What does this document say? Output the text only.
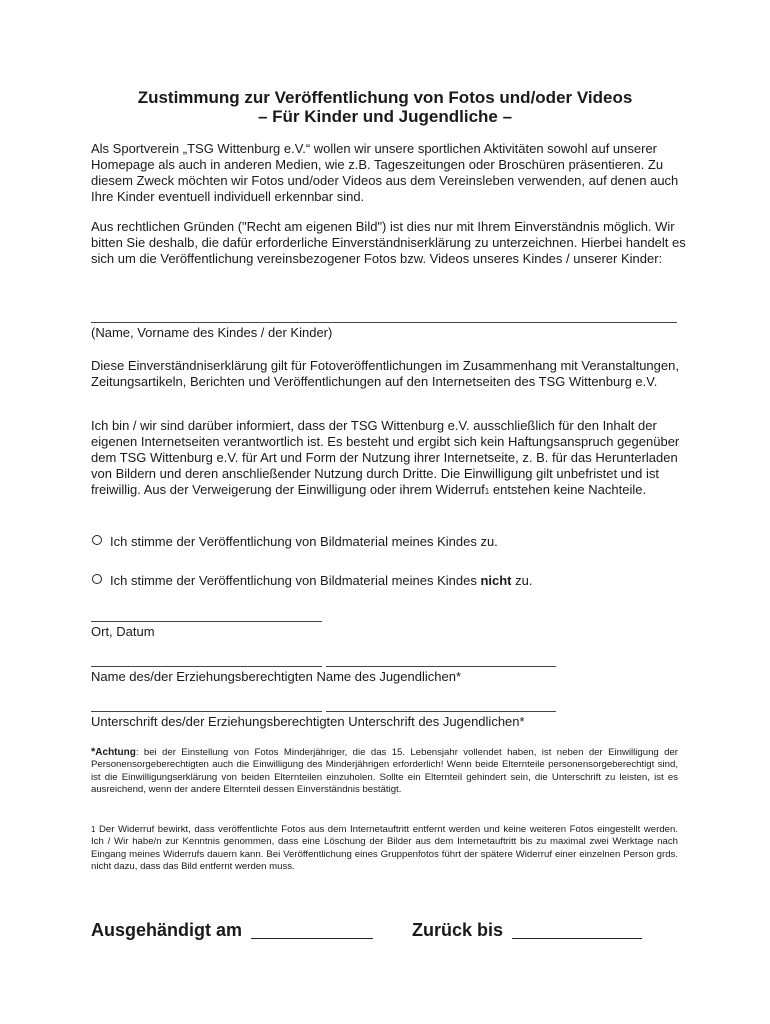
Zustimmung zur Veröffentlichung von Fotos und/oder Videos
– Für Kinder und Jugendliche –

Als Sportverein „TSG Wittenburg e.V.“ wollen wir unsere sportlichen Aktivitäten sowohl auf unserer Homepage als auch in anderen Medien, wie z.B. Tageszeitungen oder Broschüren präsentieren. Zu diesem Zweck möchten wir Fotos und/oder Videos aus dem Vereinsleben verwenden, auf denen auch Ihre Kinder eventuell individuell erkennbar sind.

Aus rechtlichen Gründen ("Recht am eigenen Bild") ist dies nur mit Ihrem Einverständnis möglich. Wir bitten Sie deshalb, die dafür erforderliche Einverständniserklärung zu unterzeichnen. Hierbei handelt es sich um die Veröffentlichung vereinsbezogener Fotos bzw. Videos unseres Kindes / unserer Kinder:

(Name, Vorname des Kindes / der Kinder)

Diese Einverständniserklärung gilt für Fotoveröffentlichungen im Zusammenhang mit Veranstaltungen, Zeitungsartikeln, Berichten und Veröffentlichungen auf den Internetseiten des TSG Wittenburg e.V.

Ich bin / wir sind darüber informiert, dass der TSG Wittenburg e.V. ausschließlich für den Inhalt der eigenen Internetseiten verantwortlich ist. Es besteht und ergibt sich kein Haftungsanspruch gegenüber dem TSG Wittenburg e.V. für Art und Form der Nutzung ihrer Internetseite, z. B. für das Herunterladen von Bildern und deren anschließender Nutzung durch Dritte. Die Einwilligung gilt unbefristet und ist freiwillig. Aus der Verweigerung der Einwilligung oder ihrem Widerruf1 entstehen keine Nachteile.

Ich stimme der Veröffentlichung von Bildmaterial meines Kindes zu.
Ich stimme der Veröffentlichung von Bildmaterial meines Kindes nicht zu.
Ort, Datum
Name des/der Erziehungsberechtigten Name des Jugendlichen*
Unterschrift des/der Erziehungsberechtigten Unterschrift des Jugendlichen*

*Achtung: bei der Einstellung von Fotos Minderjähriger, die das 15. Lebensjahr vollendet haben, ist neben der Einwilligung der Personensorgeberechtigten auch die Einwilligung des Minderjährigen erforderlich! Wenn beide Elternteile personensorgeberechtigt sind, ist die Einwilligungserklärung von beiden Elternteilen einzuholen. Sollte ein Elternteil gehindert sein, die Unterschrift zu leisten, ist es ausreichend, wenn der andere Elternteil dessen Einverständnis bestätigt.

1 Der Widerruf bewirkt, dass veröffentlichte Fotos aus dem Internetauftritt entfernt werden und keine weiteren Fotos eingestellt werden. Ich / Wir habe/n zur Kenntnis genommen, dass eine Löschung der Bilder aus dem Internetauftritt bis zu maximal zwei Werktage nach Eingang meines Widerrufs dauern kann. Bei Veröffentlichung eines Gruppenfotos führt der spätere Widerruf einer einzelnen Person grds. nicht dazu, dass das Bild entfernt werden muss.

Ausgehändigt am	Zurück bis
